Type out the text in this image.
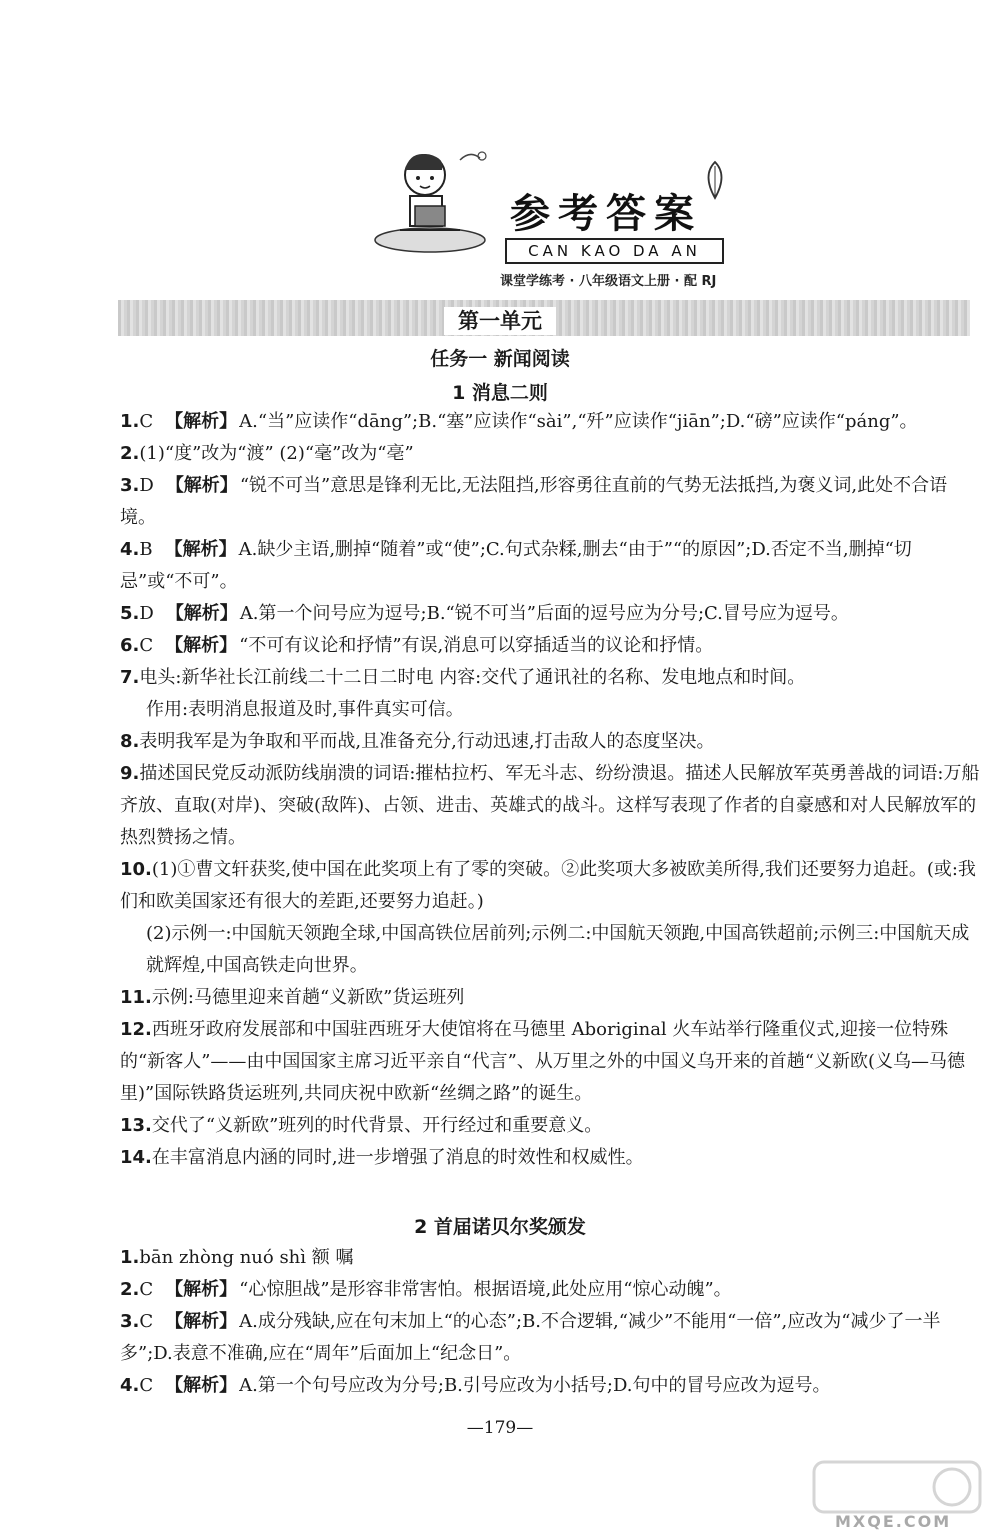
参考答案
CAN KAO DA AN
课堂学练考 · 八年级语文上册 · 配 RJ
第一单元
任务一 新闻阅读
1 消息二则
1.C 【解析】 A.“当”应读作“dāng”;B.“塞”应读作“sài”,“歼”应读作“jiān”;D.“磅”应读作“páng”。
2.(1)“度”改为“渡” (2)“毫”改为“亳”
3.D 【解析】 “锐不可当”意思是锋利无比,无法阻挡,形容勇往直前的气势无法抵挡,为褒义词,此处不合语境。
4.B 【解析】 A.缺少主语,删掉“随着”或“使”;C.句式杂糅,删去“由于”“的原因”;D.否定不当,删掉“切忌”或“不可”。
5.D 【解析】 A.第一个问号应为逗号;B.“锐不可当”后面的逗号应为分号;C.冒号应为逗号。
6.C 【解析】 “不可有议论和抒情”有误,消息可以穿插适当的议论和抒情。
7.电头:新华社长江前线二十二日二时电 内容:交代了通讯社的名称、发电地点和时间。
作用:表明消息报道及时,事件真实可信。
8.表明我军是为争取和平而战,且准备充分,行动迅速,打击敌人的态度坚决。
9.描述国民党反动派防线崩溃的词语:摧枯拉朽、军无斗志、纷纷溃退。描述人民解放军英勇善战的词语:万船齐放、直取(对岸)、突破(敌阵)、占领、进击、英雄式的战斗。这样写表现了作者的自豪感和对人民解放军的热烈赞扬之情。
10.(1)①曹文轩获奖,使中国在此奖项上有了零的突破。②此奖项大多被欧美所得,我们还要努力追赶。(或:我们和欧美国家还有很大的差距,还要努力追赶。)
(2)示例一:中国航天领跑全球,中国高铁位居前列;示例二:中国航天领跑,中国高铁超前;示例三:中国航天成就辉煌,中国高铁走向世界。
11.示例:马德里迎来首趟“义新欧”货运班列
12.西班牙政府发展部和中国驻西班牙大使馆将在马德里 Aboriginal 火车站举行隆重仪式,迎接一位特殊的“新客人”——由中国国家主席习近平亲自“代言”、从万里之外的中国义乌开来的首趟“义新欧(义乌—马德里)”国际铁路货运班列,共同庆祝中欧新“丝绸之路”的诞生。
13.交代了“义新欧”班列的时代背景、开行经过和重要意义。
14.在丰富消息内涵的同时,进一步增强了消息的时效性和权威性。
2 首届诺贝尔奖颁发
1.bān zhòng nuó shì 额 嘱
2.C 【解析】 “心惊胆战”是形容非常害怕。根据语境,此处应用“惊心动魄”。
3.C 【解析】 A.成分残缺,应在句末加上“的心态”;B.不合逻辑,“减少”不能用“一倍”,应改为“减少了一半多”;D.表意不准确,应在“周年”后面加上“纪念日”。
4.C 【解析】 A.第一个句号应改为分号;B.引号应改为小括号;D.句中的冒号应改为逗号。
—179—
MXQE.COM
